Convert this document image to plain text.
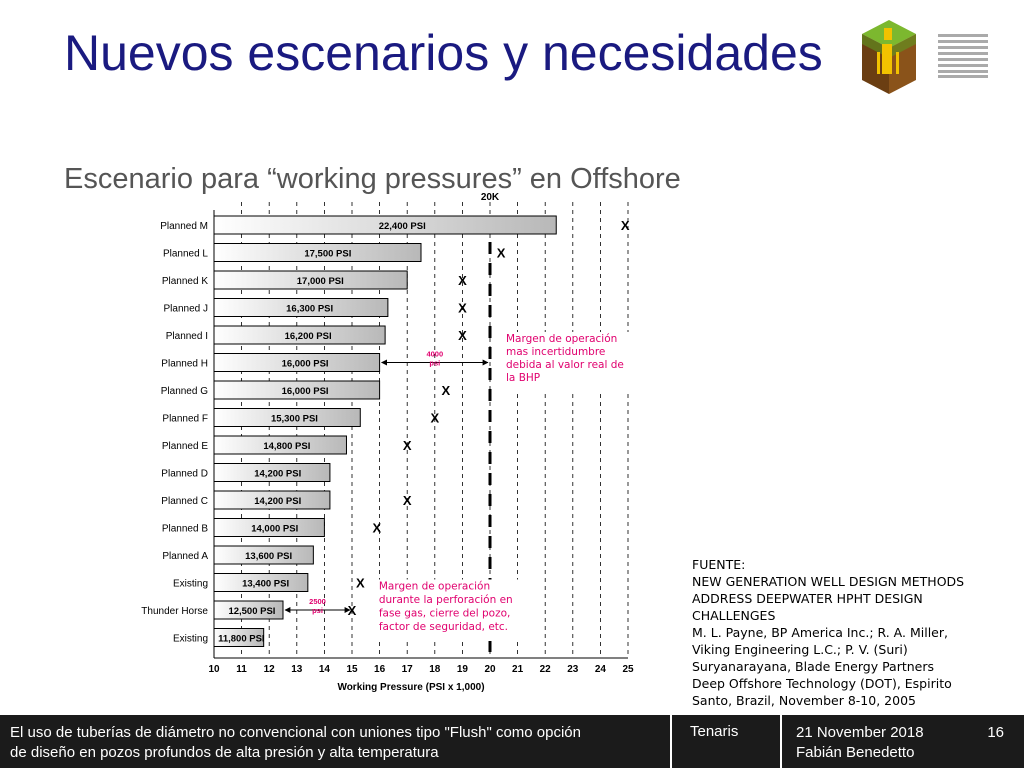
Nuevos escenarios y necesidades
Escenario para “working pressures” en Offshore
22,400 PSI
Planned M
17,500 PSI
Planned L
17,000 PSI
Planned K
16,300 PSI
Planned J
16,200 PSI
Planned I
16,000 PSI
Planned H
16,000 PSI
Planned G
15,300 PSI
Planned F
14,800 PSI
Planned E
14,200 PSI
Planned D
14,200 PSI
Planned C
14,000 PSI
Planned B
13,600 PSI
Planned A
13,400 PSI
Existing
12,500 PSI
Thunder Horse
11,800 PSI
Existing
X
X
X
X
X
X
X
X
X
X
X
X
20K
10 11 12 13 14 15 16 17 18 19 20 21 22 23 24 25
Working Pressure (PSI x 1,000)
4000
psi
2500
psi
Margen de operación mas incertidumbre debida al valor real de la BHP
Margen de operación durante la perforación en fase gas, cierre del pozo, factor de seguridad, etc.
FUENTE:
NEW GENERATION WELL DESIGN METHODS
ADDRESS DEEPWATER HPHT DESIGN
CHALLENGES
M. L. Payne, BP America Inc.; R. A. Miller,
Viking Engineering L.C.; P. V. (Suri)
Suryanarayana, Blade Energy Partners
Deep Offshore Technology (DOT), Espirito
Santo, Brazil, November 8-10, 2005
El uso de tuberías de diámetro no convencional con uniones tipo "Flush" como opción
de diseño en pozos profundos de alta presión y alta temperatura
Tenaris	21 November 2018
Fabián Benedetto
16
